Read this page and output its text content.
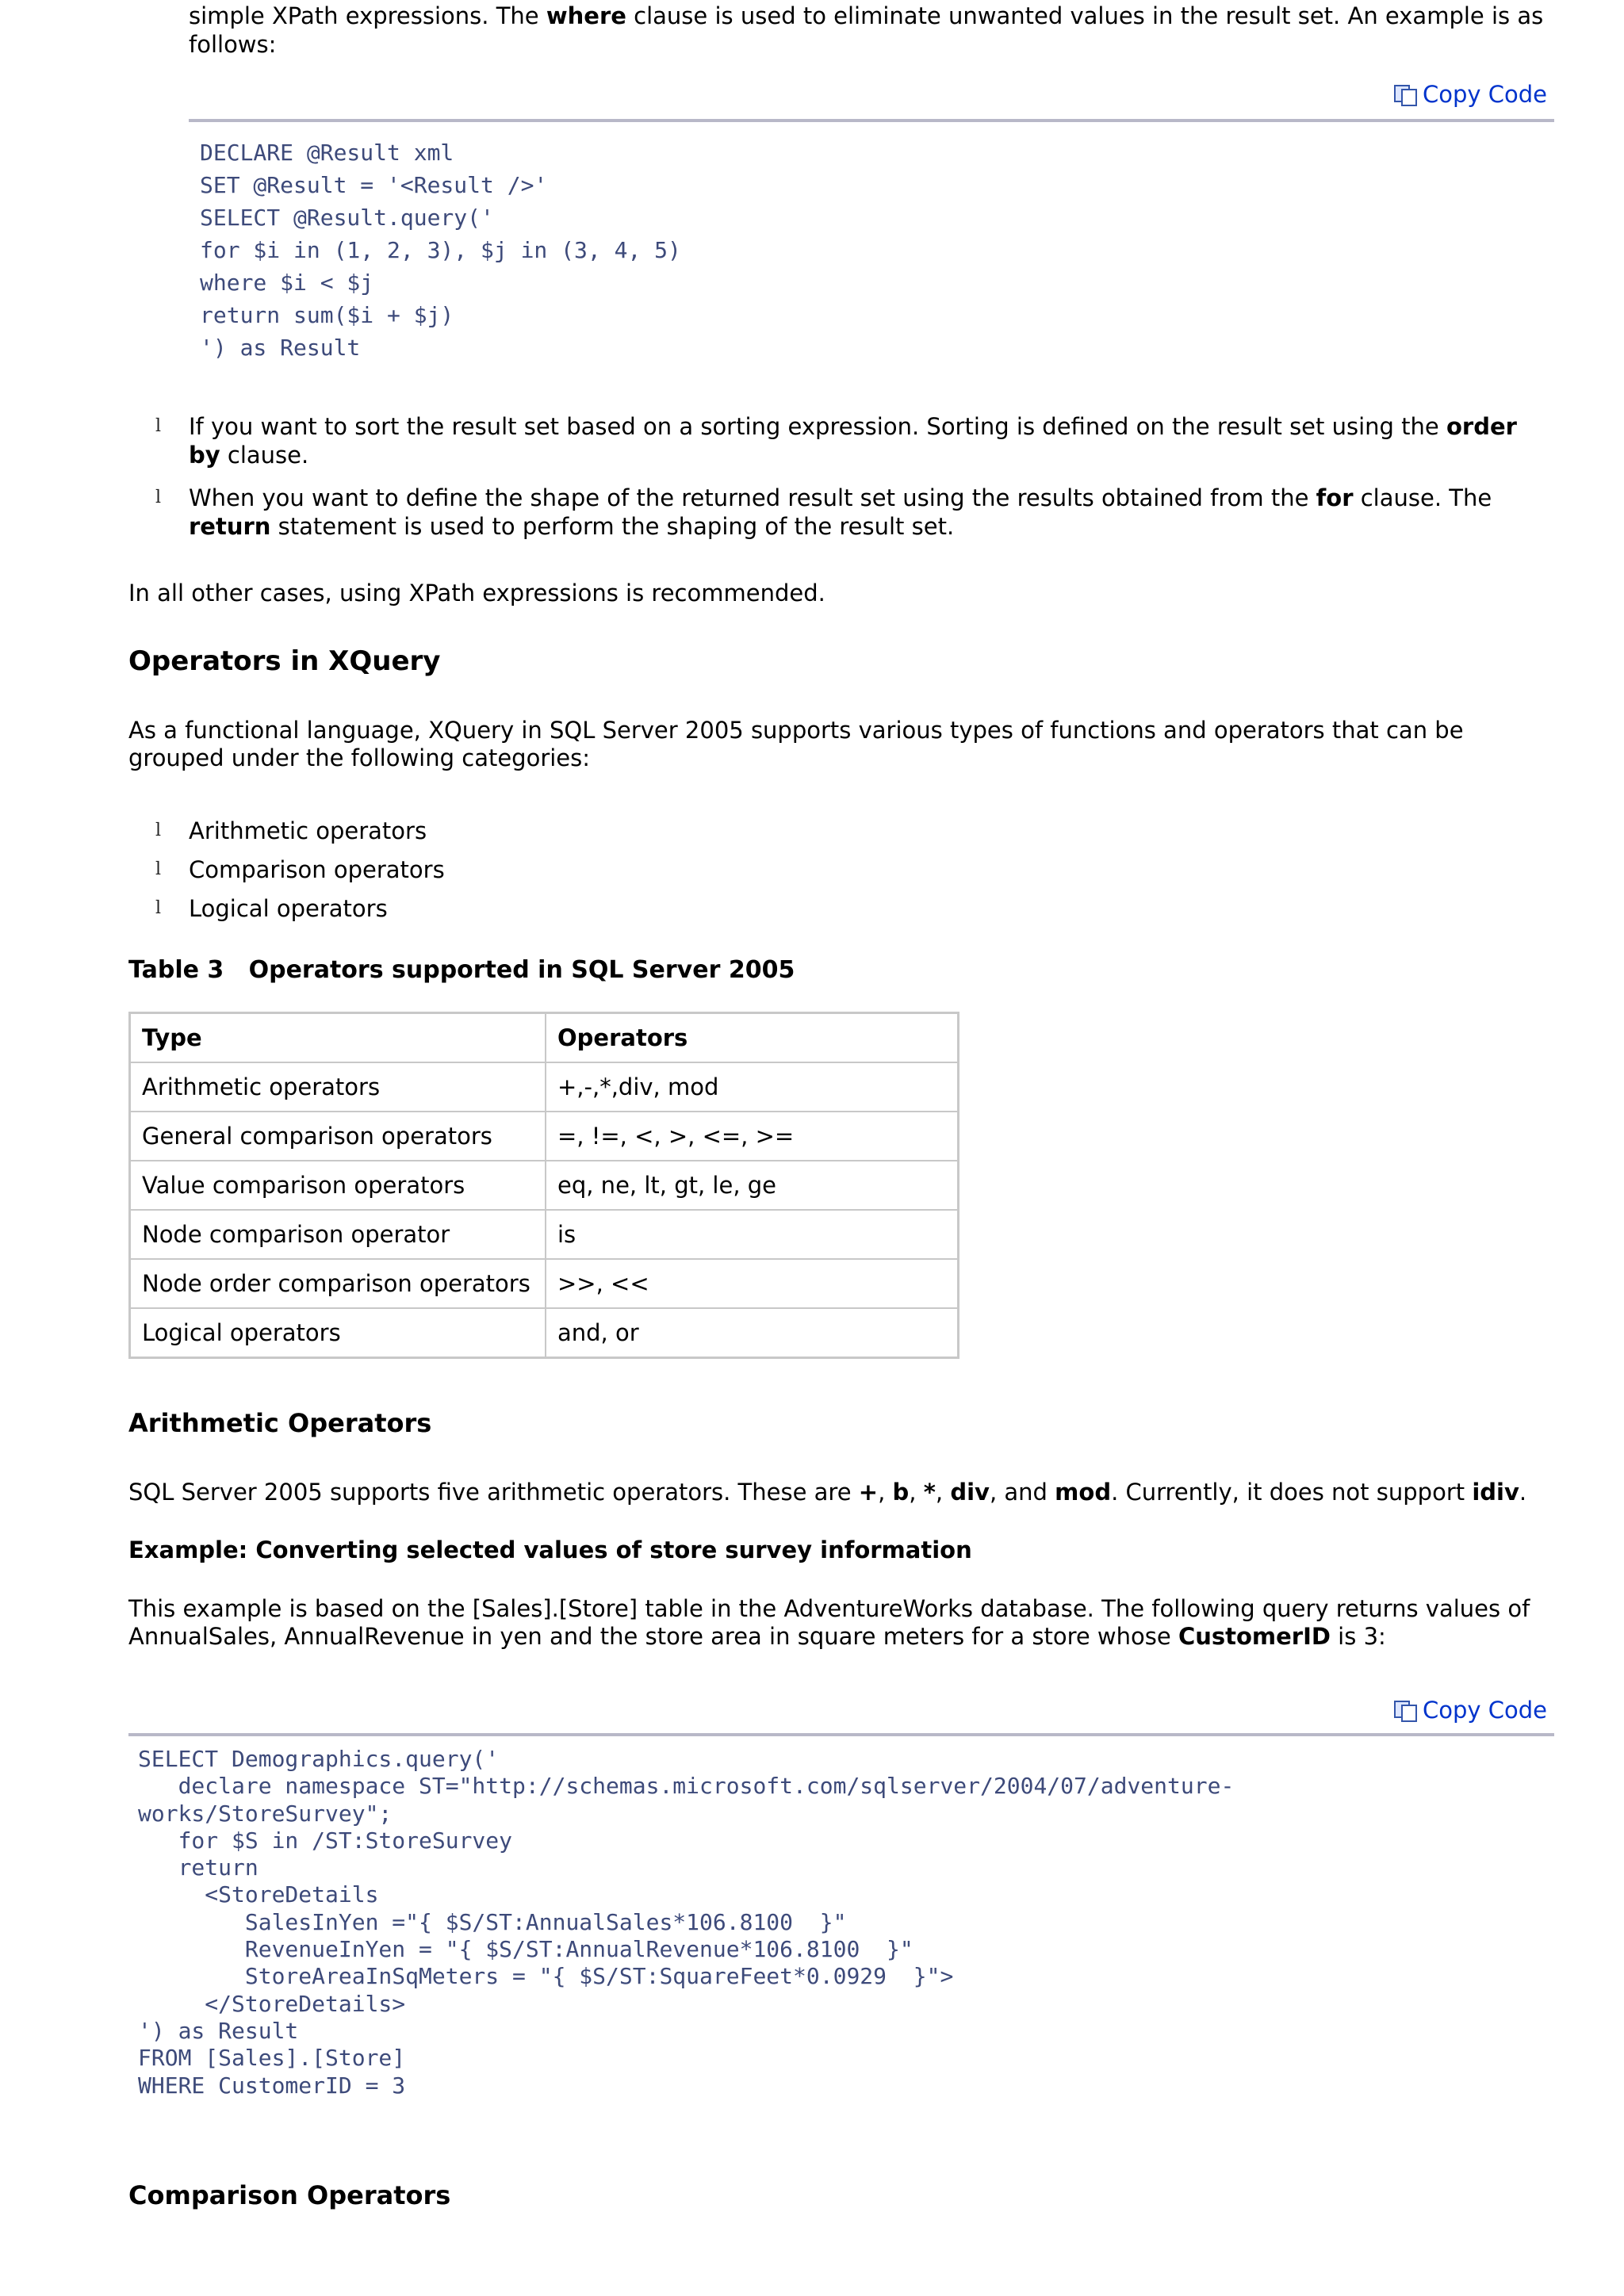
simple XPath expressions. The where clause is used to eliminate unwanted values in the result set. An example is as
follows:

Copy Code
DECLARE @Result xml
SET @Result = '<Result />'
SELECT @Result.query('
for $i in (1, 2, 3), $j in (3, 4, 5)
where $i < $j
return sum($i + $j)
') as Result
l If you want to sort the result set based on a sorting expression. Sorting is defined on the result set using the order
by clause.
l When you want to define the shape of the returned result set using the results obtained from the for clause. The
return statement is used to perform the shaping of the result set.

In all other cases, using XPath expressions is recommended.

Operators in XQuery

As a functional language, XQuery in SQL Server 2005 supports various types of functions and operators that can be
grouped under the following categories:

l Arithmetic operators
l Comparison operators
l Logical operators

Table 3   Operators supported in SQL Server 2005

Type	Operators
Arithmetic operators	+,-,*,div, mod
General comparison operators	=, !=, <, >, <=, >=
Value comparison operators	eq, ne, lt, gt, le, ge
Node comparison operator	is
Node order comparison operators	>>, <<
Logical operators	and, or
Arithmetic Operators

SQL Server 2005 supports five arithmetic operators. These are +, b, *, div, and mod. Currently, it does not support idiv.

Example: Converting selected values of store survey information

This example is based on the [Sales].[Store] table in the AdventureWorks database. The following query returns values of
AnnualSales, AnnualRevenue in yen and the store area in square meters for a store whose CustomerID is 3:

Copy Code
SELECT Demographics.query('
declare namespace ST="http://schemas.microsoft.com/sqlserver/2004/07/adventure-
works/StoreSurvey";
for $S in /ST:StoreSurvey
return
<StoreDetails
SalesInYen ="{ $S/ST:AnnualSales*106.8100  }"
RevenueInYen = "{ $S/ST:AnnualRevenue*106.8100  }"
StoreAreaInSqMeters = "{ $S/ST:SquareFeet*0.0929  }">
</StoreDetails>
') as Result
FROM [Sales].[Store]
WHERE CustomerID = 3
Comparison Operators
